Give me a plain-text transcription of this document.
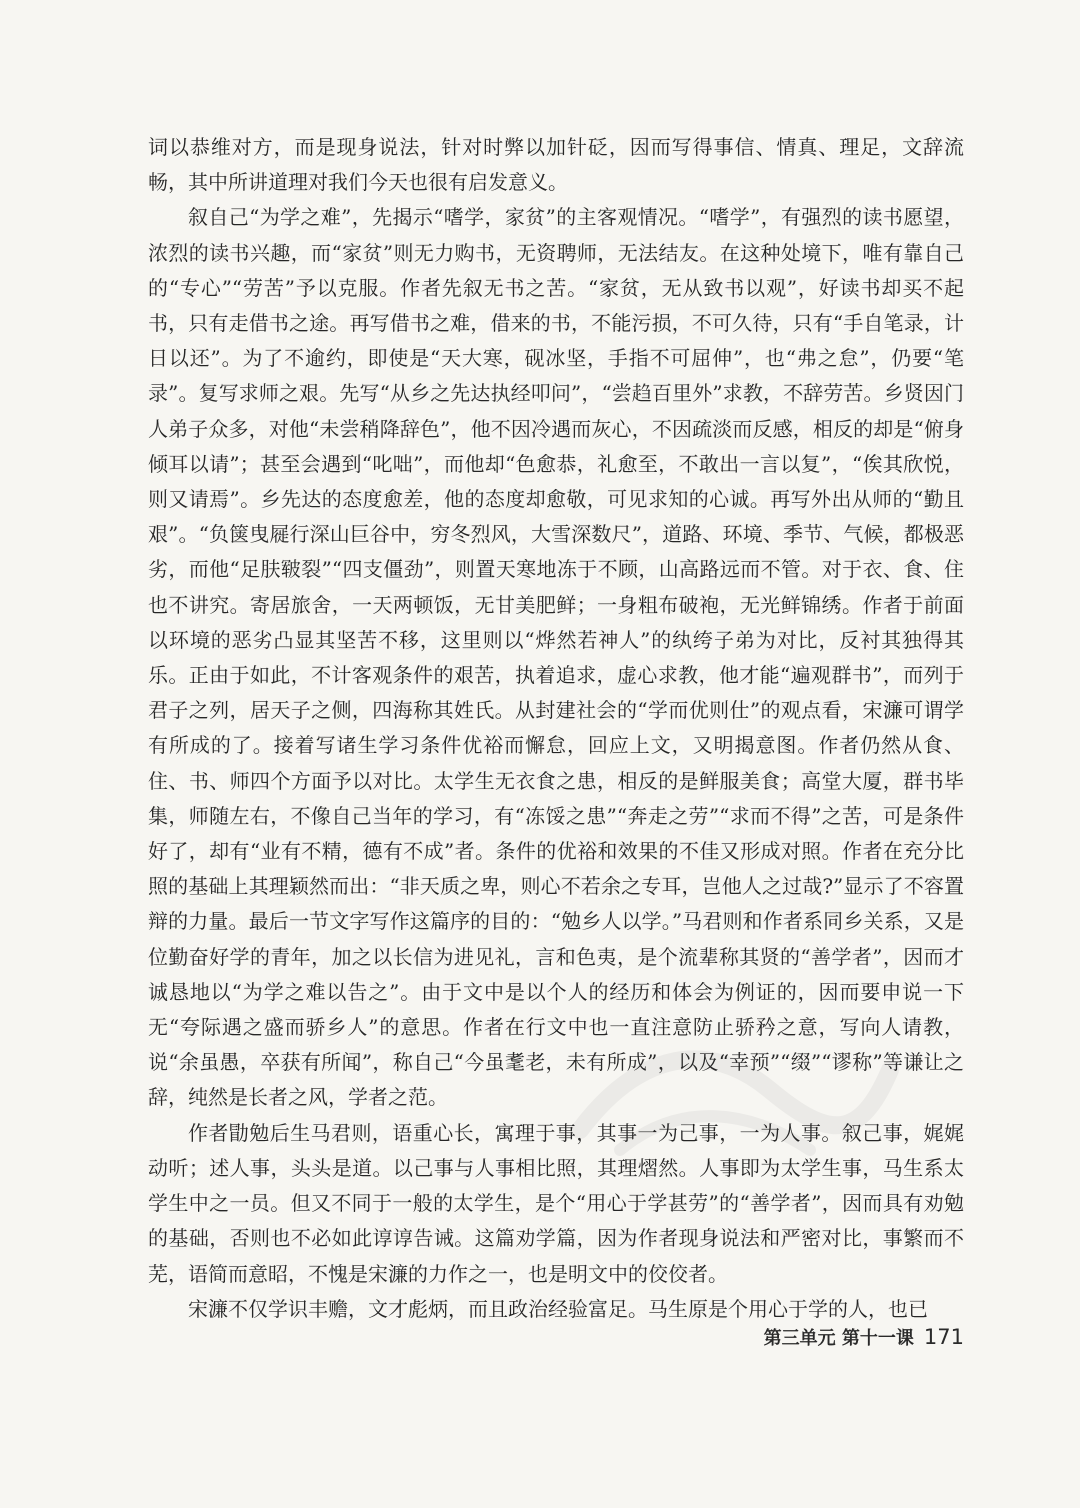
词以恭维对方，而是现身说法，针对时弊以加针砭，因而写得事信、情真、理足，文辞流畅，其中所讲道理对我们今天也很有启发意义。

叙自己“为学之难”，先揭示“嗜学，家贫”的主客观情况。“嗜学”，有强烈的读书愿望，浓烈的读书兴趣，而“家贫”则无力购书，无资聘师，无法结友。在这种处境下，唯有靠自己的“专心”“劳苦”予以克服。作者先叙无书之苦。“家贫，无从致书以观”，好读书却买不起书，只有走借书之途。再写借书之难，借来的书，不能污损，不可久待，只有“手自笔录，计日以还”。为了不逾约，即使是“天大寒，砚冰坚，手指不可屈伸”，也“弗之怠”，仍要“笔录”。复写求师之艰。先写“从乡之先达执经叩问”，“尝趋百里外”求教，不辞劳苦。乡贤因门人弟子众多，对他“未尝稍降辞色”，他不因冷遇而灰心，不因疏淡而反感，相反的却是“俯身倾耳以请”；甚至会遇到“叱咄”，而他却“色愈恭，礼愈至，不敢出一言以复”，“俟其欣悦，则又请焉”。乡先达的态度愈差，他的态度却愈敬，可见求知的心诚。再写外出从师的“勤且艰”。“负箧曳屣行深山巨谷中，穷冬烈风，大雪深数尺”，道路、环境、季节、气候，都极恶劣，而他“足肤皲裂”“四支僵劲”，则置天寒地冻于不顾，山高路远而不管。对于衣、食、住也不讲究。寄居旅舍，一天两顿饭，无甘美肥鲜；一身粗布破袍，无光鲜锦绣。作者于前面以环境的恶劣凸显其坚苦不移，这里则以“烨然若神人”的纨绔子弟为对比，反衬其独得其乐。正由于如此，不计客观条件的艰苦，执着追求，虚心求教，他才能“遍观群书”，而列于君子之列，居天子之侧，四海称其姓氏。从封建社会的“学而优则仕”的观点看，宋濂可谓学有所成的了。接着写诸生学习条件优裕而懈怠，回应上文，又明揭意图。作者仍然从食、住、书、师四个方面予以对比。太学生无衣食之患，相反的是鲜服美食；高堂大厦，群书毕集，师随左右，不像自己当年的学习，有“冻馁之患”“奔走之劳”“求而不得”之苦，可是条件好了，却有“业有不精，德有不成”者。条件的优裕和效果的不佳又形成对照。作者在充分比照的基础上其理颖然而出：“非天质之卑，则心不若余之专耳，岂他人之过哉?”显示了不容置辩的力量。最后一节文字写作这篇序的目的：“勉乡人以学。”马君则和作者系同乡关系，又是位勤奋好学的青年，加之以长信为进见礼，言和色夷，是个流辈称其贤的“善学者”，因而才诚恳地以“为学之难以告之”。由于文中是以个人的经历和体会为例证的，因而要申说一下无“夸际遇之盛而骄乡人”的意思。作者在行文中也一直注意防止骄矜之意，写向人请教，说“余虽愚，卒获有所闻”，称自己“今虽耄老，未有所成”，以及“幸预”“缀”“谬称”等谦让之辞，纯然是长者之风，学者之范。

作者勖勉后生马君则，语重心长，寓理于事，其事一为己事，一为人事。叙己事，娓娓动听；述人事，头头是道。以己事与人事相比照，其理熠然。人事即为太学生事，马生系太学生中之一员。但又不同于一般的太学生，是个“用心于学甚劳”的“善学者”，因而具有劝勉的基础，否则也不必如此谆谆告诫。这篇劝学篇，因为作者现身说法和严密对比，事繁而不芜，语简而意昭，不愧是宋濂的力作之一，也是明文中的佼佼者。

宋濂不仅学识丰赡，文才彪炳，而且政治经验富足。马生原是个用心于学的人，也已

第三单元 第十一课 171
